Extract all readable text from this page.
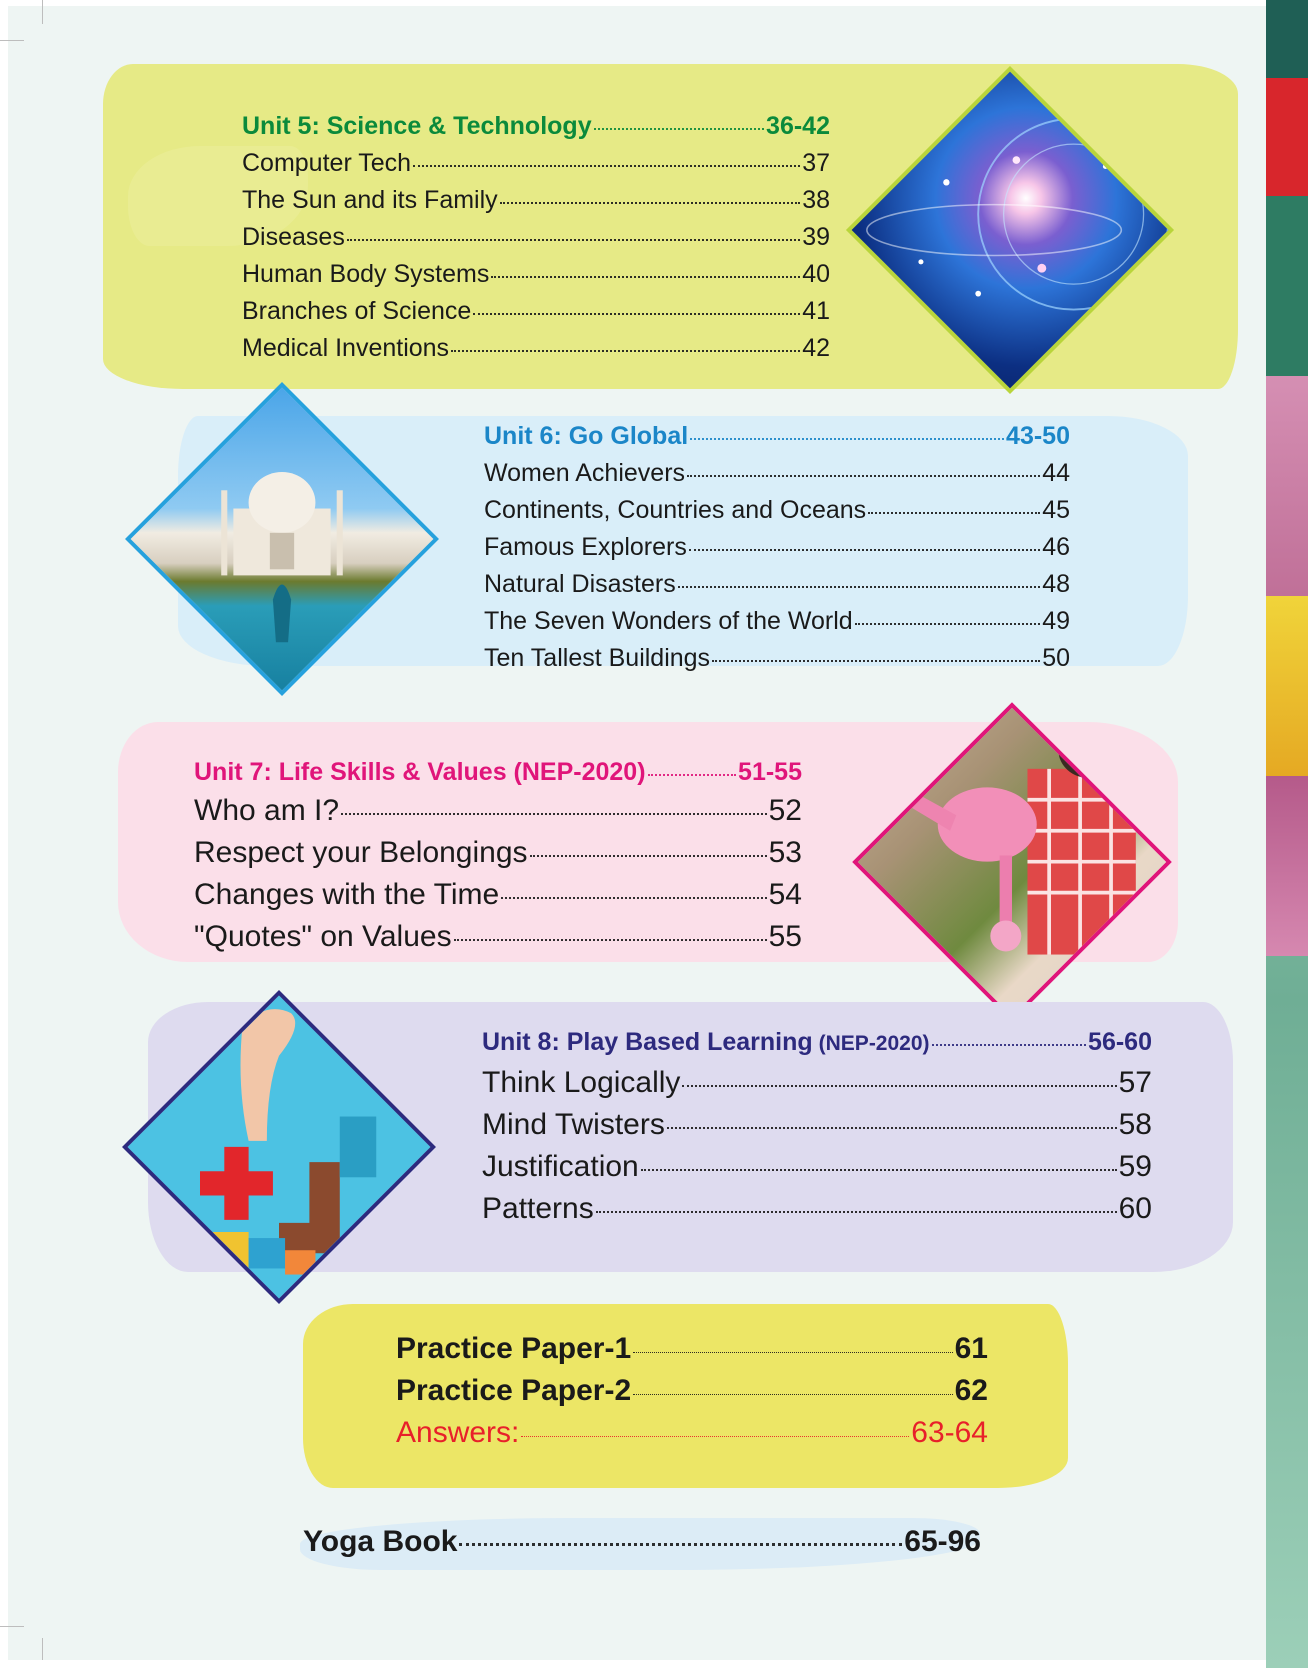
Unit 5: Science & Technology	36-42
Computer Tech	37
The Sun and its Family	38
Diseases	39
Human Body Systems	40
Branches of Science	41
Medical Inventions	42
Unit 6: Go Global	43-50
Women Achievers	44
Continents, Countries and Oceans	45
Famous Explorers	46
Natural Disasters	48
The Seven Wonders of the World	49
Ten Tallest Buildings	50
Unit 7: Life Skills & Values (NEP-2020)	51-55
Who am I?	52
Respect your Belongings	53
Changes with the Time	54
"Quotes" on Values	55
Unit 8: Play Based Learning (NEP-2020)	56-60
Think Logically	57
Mind Twisters	58
Justification	59
Patterns	60
Practice Paper-1	61
Practice Paper-2	62
Answers:	63-64
Yoga Book	65-96
